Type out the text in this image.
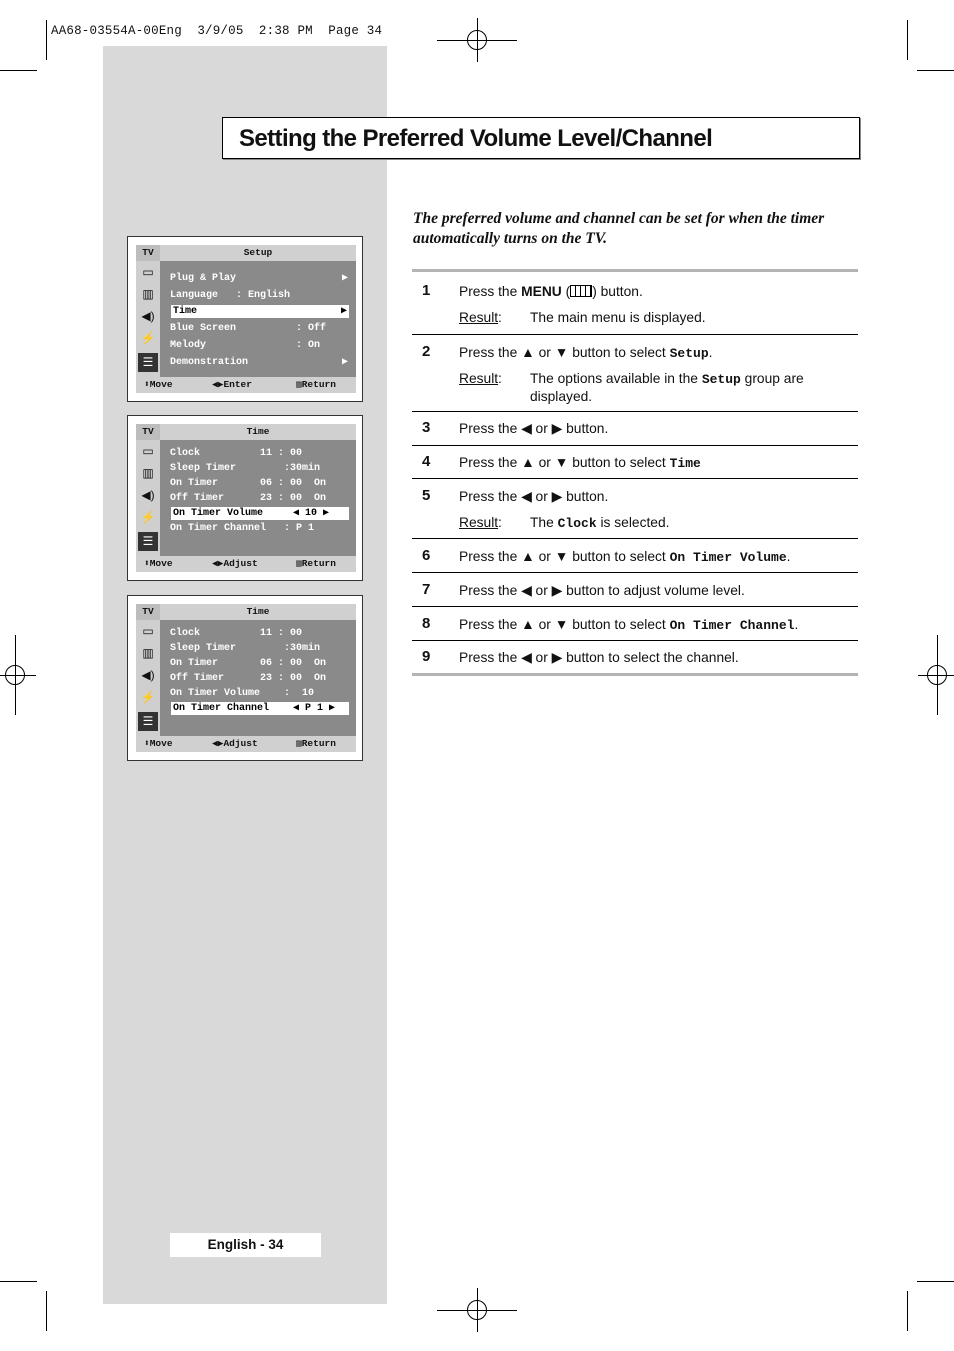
AA68-03554A-00Eng  3/9/05  2:38 PM  Page 34
Setting the Preferred Volume Level/Channel
The preferred volume and channel can be set for when the timer automatically turns on the TV.
1 Press the MENU ( ) button.
Result : The main menu is displayed.
2 Press the ▲ or ▼ button to select Setup.
Result : The options available in the Setup group are displayed.
3 Press the ◀ or ▶ button.
4 Press the ▲ or ▼ button to select Time
5 Press the ◀ or ▶ button.
Result : The Clock is selected.
6 Press the ▲ or ▼ button to select On Timer Volume.
7 Press the ◀ or ▶ button to adjust volume level.
8 Press the ▲ or ▼ button to select On Timer Channel.
9 Press the ◀ or ▶ button to select the channel.
TV	Setup
▭
▥
◀)
⚡
☰
Plug & Play	▶
Language   : English
Time	▶
Blue Screen          : Off
Melody               : On
Demonstration	▶
⬍Move	◀▶Enter	▥Return
TV	Time
▭
▥
◀)
⚡
☰
Clock          11 : 00
Sleep Timer        :30min
On Timer       06 : 00  On
Off Timer      23 : 00  On
On Timer Volume     ◀ 10 ▶
On Timer Channel   : P 1
⬍Move	◀▶Adjust	▥Return
TV	Time
▭
▥
◀)
⚡
☰
Clock          11 : 00
Sleep Timer        :30min
On Timer       06 : 00  On
Off Timer      23 : 00  On
On Timer Volume    :  10
On Timer Channel    ◀ P 1 ▶
⬍Move	◀▶Adjust	▥Return
English - 34
